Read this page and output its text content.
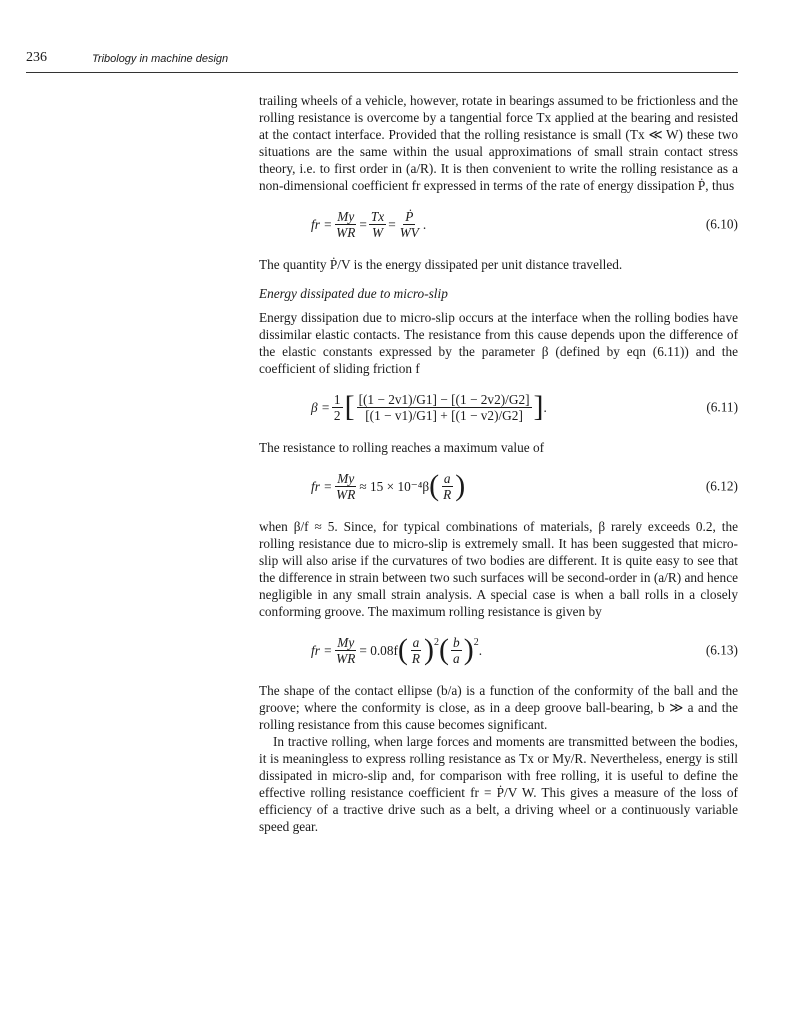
236	Tribology in machine design

trailing wheels of a vehicle, however, rotate in bearings assumed to be frictionless and the rolling resistance is overcome by a tangential force Tx applied at the bearing and resisted at the contact interface. Provided that the rolling resistance is small (Tx ≪ W) these two situations are the same within the usual approximations of small strain contact stress theory, i.e. to first order in (a/R). It is then convenient to write the rolling resistance as a non-dimensional coefficient fr expressed in terms of the rate of energy dissipation Ṗ, thus

fr = $\frac{My}{WR} = \frac{Tx}{W} = \frac{\text{Ṗ}}{WV}$ .	(6.10)

The quantity Ṗ/V is the energy dissipated per unit distance travelled.

Energy dissipated due to micro-slip

Energy dissipation due to micro-slip occurs at the interface when the rolling bodies have dissimilar elastic contacts. The resistance from this cause depends upon the difference of the elastic constants expressed by the parameter β (defined by eqn (6.11)) and the coefficient of sliding friction f

$\beta = \frac{1}{2}$ [ $\frac{[(1 - 2v1)/G1] - [(1 - 2v2)/G2]}{[(1 - v1)/G1] + [(1 - v2)/G2]}$ ] .	(6.11)

The resistance to rolling reaches a maximum value of

fr = $\frac{My}{WR} \approx 15 \times 10^{-4}\beta$ ( $\frac{a}{R}$ )	(6.12)

when β/f ≈ 5. Since, for typical combinations of materials, β rarely exceeds 0.2, the rolling resistance due to micro-slip is extremely small. It has been suggested that micro-slip will also arise if the curvatures of two bodies are different. It is quite easy to see that the difference in strain between two such surfaces will be second-order in (a/R) and hence negligible in any small strain analysis. A special case is when a ball rolls in a closely conforming groove. The maximum rolling resistance is given by

fr = $\frac{My}{WR} = 0.08f$ ( $\frac{a}{R} )^2$ ( $\frac{b}{a} )^2$ .	(6.13)

The shape of the contact ellipse (b/a) is a function of the conformity of the ball and the groove; where the conformity is close, as in a deep groove ball-bearing, b ≫ a and the rolling resistance from this cause becomes significant.

In tractive rolling, when large forces and moments are transmitted between the bodies, it is meaningless to express rolling resistance as Tx or My/R. Nevertheless, energy is still dissipated in micro-slip and, for comparison with free rolling, it is useful to define the effective rolling resistance coefficient fr = Ṗ/V W. This gives a measure of the loss of efficiency of a tractive drive such as a belt, a driving wheel or a continuously variable speed gear.
